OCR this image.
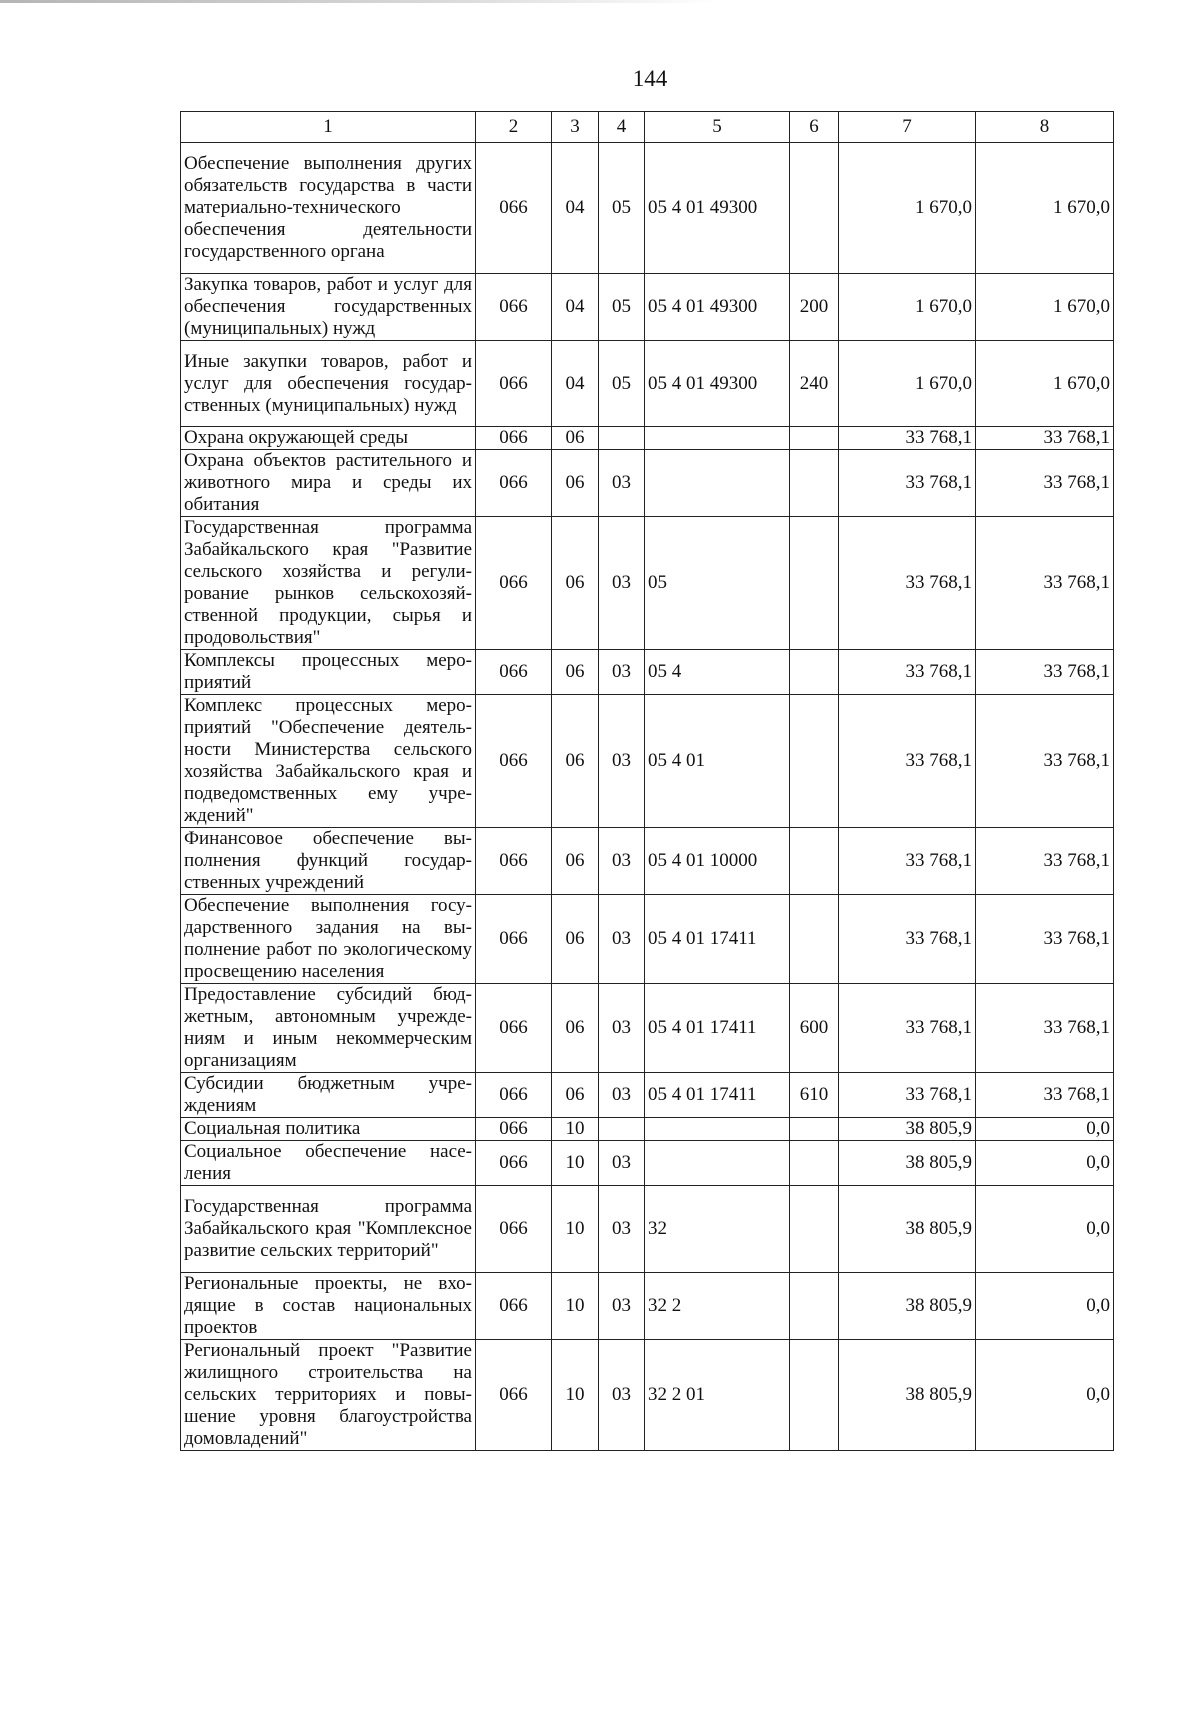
144
1	2	3	4	5	6	7	8
Обеспечение выполнения других обязательств государства в части материально-технического обеспечения деятельности государственного органа	066	04	05	05 4 01 49300		1 670,0	1 670,0
Закупка товаров, работ и услуг для обеспечения государственных (муниципальных) нужд	066	04	05	05 4 01 49300	200	1 670,0	1 670,0
Иные закупки товаров, работ и услуг для обеспечения государственных (муниципальных) нужд	066	04	05	05 4 01 49300	240	1 670,0	1 670,0
Охрана окружающей среды	066	06				33 768,1	33 768,1
Охрана объектов растительного и животного мира и среды их обитания	066	06	03			33 768,1	33 768,1
Государственная программа Забайкальского края "Развитие сельского хозяйства и регулирование рынков сельскохозяйственной продукции, сырья и продовольствия"	066	06	03	05		33 768,1	33 768,1
Комплексы процессных мероприятий	066	06	03	05 4		33 768,1	33 768,1
Комплекс процессных мероприятий "Обеспечение деятельности Министерства сельского хозяйства Забайкальского края и подведомственных ему учреждений"	066	06	03	05 4 01		33 768,1	33 768,1
Финансовое обеспечение выполнения функций государственных учреждений	066	06	03	05 4 01 10000		33 768,1	33 768,1
Обеспечение выполнения государственного задания на выполнение работ по экологическому просвещению населения	066	06	03	05 4 01 17411		33 768,1	33 768,1
Предоставление субсидий бюджетным, автономным учреждениям и иным некоммерческим организациям	066	06	03	05 4 01 17411	600	33 768,1	33 768,1
Субсидии бюджетным учреждениям	066	06	03	05 4 01 17411	610	33 768,1	33 768,1
Социальная политика	066	10				38 805,9	0,0
Социальное обеспечение населения	066	10	03			38 805,9	0,0
Государственная программа Забайкальского края "Комплексное развитие сельских территорий"	066	10	03	32		38 805,9	0,0
Региональные проекты, не входящие в состав национальных проектов	066	10	03	32 2		38 805,9	0,0
Региональный проект "Развитие жилищного строительства на сельских территориях и повышение уровня благоустройства домовладений"	066	10	03	32 2 01		38 805,9	0,0
